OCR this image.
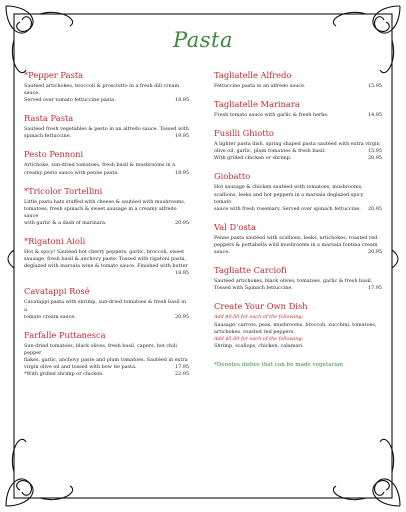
Pasta
*Pepper Pasta
Sautéed artichokes, broccoli & prosciutto in a fresh dill cream sauce.
Served over tomato fettuccine pasta.	18.95
Rasta Pasta
Sautéed fresh vegetables & pesto in an alfredo sauce. Tossed with
spinach fettuccine.	19.95
Pesto Pennoni
Artichoke, sun-dried tomatoes, fresh basil & mushrooms in a
creamy pesto sauce with penne pasta.	18.95
*Tricolor Tortellini
Little pasta hats stuffed with cheese & sautéed with mushrooms,
tomatoes, fresh spinach & sweet sausage in a creamy alfredo sauce
with garlic & a dash of marinara.	20.95
*Rigatoni Aioli
Hot & spicy! Sautéed hot cherry peppers, garlic, broccoli, sweet
sausage, fresh basil & anchovy paste. Tossed with rigatoni pasta,
deglazed with marsala wine & tomato sauce. Finished with butter
18.95
Cavatappi Rosé
Cavatappi pasta with shrimp, sun-dried tomatoes & fresh basil in a
tomato cream sauce.	20.95
Farfalle Puttanesca
Sun-dried tomatoes, black olives, fresh basil, capers, hot chili pepper
flakes, garlic, anchovy paste and plum tomatoes. Sautéed in extra
virgin olive oil and tossed with bow tie pasta.	17.95
*With grilled shrimp or chicken.	22.95
Tagliatelle Alfredo
Fettuccine pasta in an alfredo sauce.	15.95
Tagliatelle Marinara
Fresh tomato sauce with garlic & fresh herbs.	14.95
Fusilli Ghiotto
A lighter pasta dish, spring shaped pasta sautéed with extra virgin
olive oil, garlic, plum tomatoes & fresh basil.	15.95
With grilled chicken or shrimp.	20.95
Giobatto
Hot sausage & chicken sautéed with tomatoes, mushrooms,
scallions, leeks and hot peppers in a marsala deglazed spicy tomato
sauce with fresh rosemary. Served over spinach fettuccine. 20.95
Val D'osta
Penne pasta sautéed with scallions, leeks, artichokes, roasted red
peppers & portabella wild mushrooms in a marsala fontina cream
sauce.	20.95
Tagliatte Carciofi
Sautéed artichokes, black olives, tomatoes, garlic & fresh basil.
Tossed with Spinach fettuccine.	17.95
Create Your Own Dish
Add $0.50 for each of the following:
Sausage, carrots, peas, mushrooms, broccoli, zucchini, tomatoes,
artichokes, roasted red peppers.
Add $5.00 for each of the following:
Shrimp, scallops, chicken, calamari.
*Denotes dishes that can be made vegetarian
